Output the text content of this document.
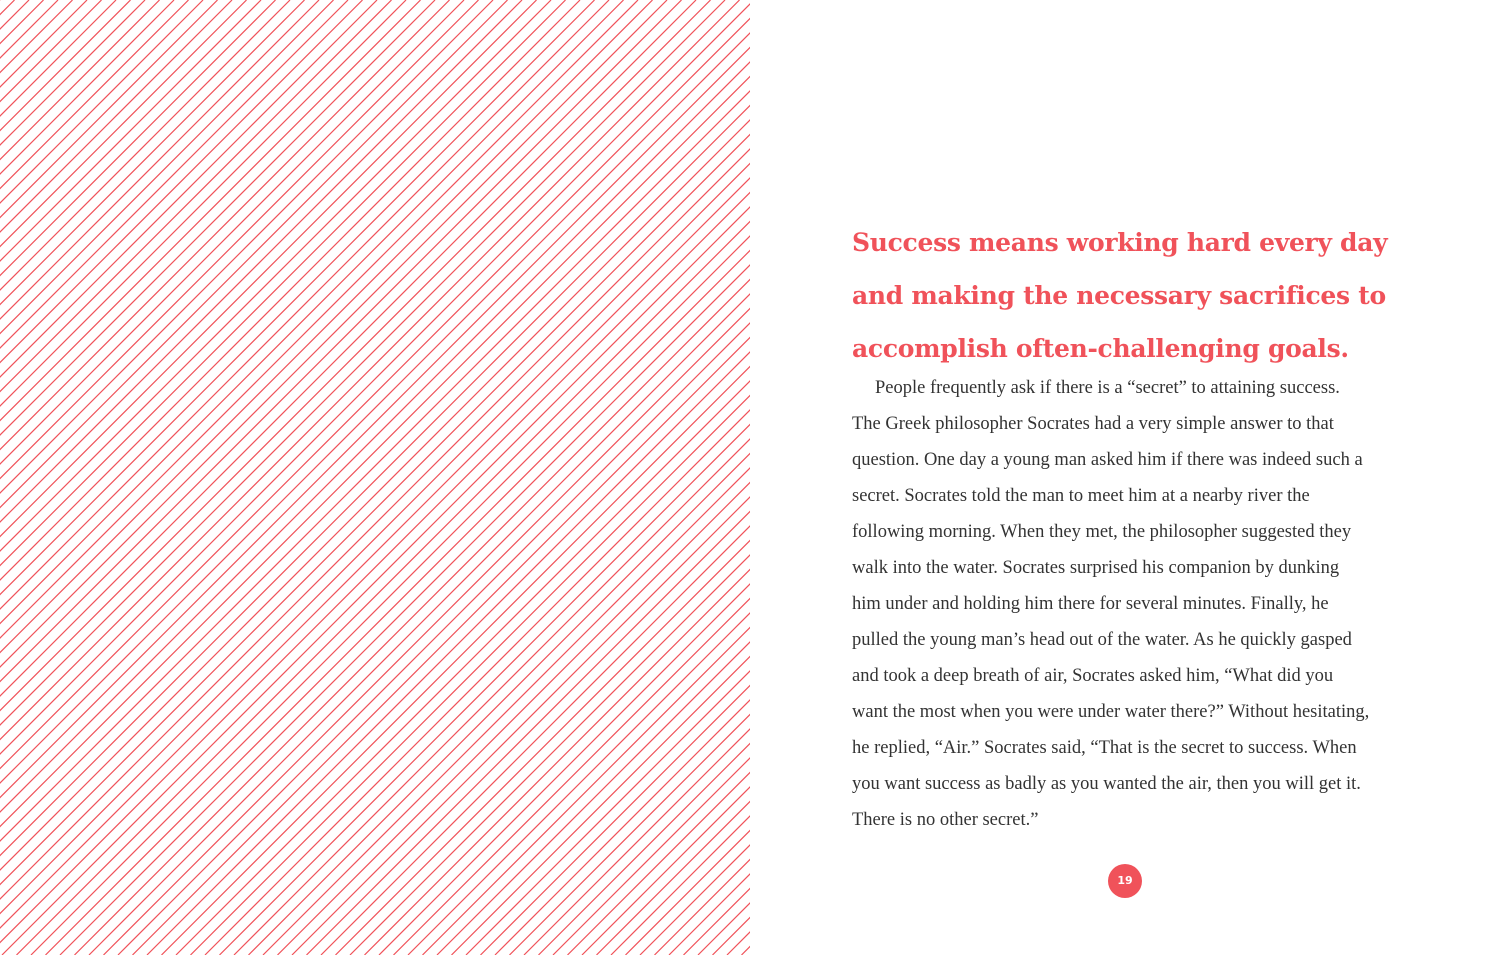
Success means working hard every day and making the necessary sacrifices to accomplish often-challenging goals.

People frequently ask if there is a “secret” to attaining success.
The Greek philosopher Socrates had a very simple answer to that
question. One day a young man asked him if there was indeed such a
secret. Socrates told the man to meet him at a nearby river the
following morning. When they met, the philosopher suggested they
walk into the water. Socrates surprised his companion by dunking
him under and holding him there for several minutes. Finally, he
pulled the young man’s head out of the water. As he quickly gasped
and took a deep breath of air, Socrates asked him, “What did you
want the most when you were under water there?” Without hesitating,
he replied, “Air.” Socrates said, “That is the secret to success. When
you want success as badly as you wanted the air, then you will get it.
There is no other secret.”

19
